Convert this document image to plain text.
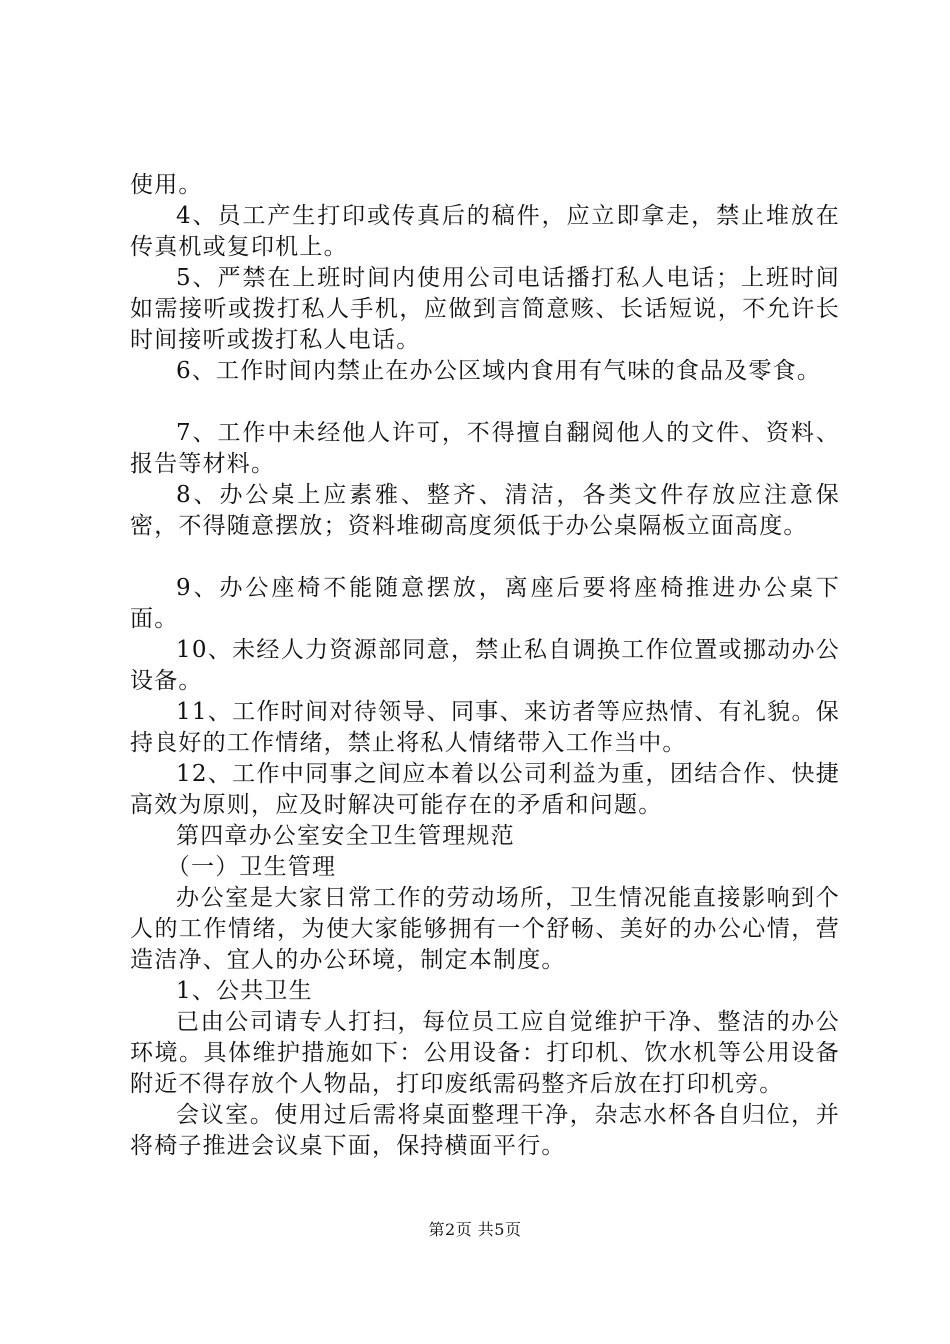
使用。

4、员工产生打印或传真后的稿件，应立即拿走，禁止堆放在传真机或复印机上。

5、严禁在上班时间内使用公司电话播打私人电话；上班时间如需接听或拨打私人手机，应做到言简意赅、长话短说，不允许长时间接听或拨打私人电话。

6、工作时间内禁止在办公区域内食用有气味的食品及零食。

7、工作中未经他人许可，不得擅自翻阅他人的文件、资料、报告等材料。

8、办公桌上应素雅、整齐、清洁，各类文件存放应注意保密，不得随意摆放；资料堆砌高度须低于办公桌隔板立面高度。

9、办公座椅不能随意摆放，离座后要将座椅推进办公桌下面。

10、未经人力资源部同意，禁止私自调换工作位置或挪动办公设备。

11、工作时间对待领导、同事、来访者等应热情、有礼貌。保持良好的工作情绪，禁止将私人情绪带入工作当中。

12、工作中同事之间应本着以公司利益为重，团结合作、快捷高效为原则，应及时解决可能存在的矛盾和问题。

第四章办公室安全卫生管理规范

（一）卫生管理

办公室是大家日常工作的劳动场所，卫生情况能直接影响到个人的工作情绪，为使大家能够拥有一个舒畅、美好的办公心情，营造洁净、宜人的办公环境，制定本制度。

1、公共卫生

已由公司请专人打扫，每位员工应自觉维护干净、整洁的办公环境。具体维护措施如下：公用设备：打印机、饮水机等公用设备附近不得存放个人物品，打印废纸需码整齐后放在打印机旁。

会议室。使用过后需将桌面整理干净，杂志水杯各自归位，并将椅子推进会议桌下面，保持横面平行。

第2页 共5页
